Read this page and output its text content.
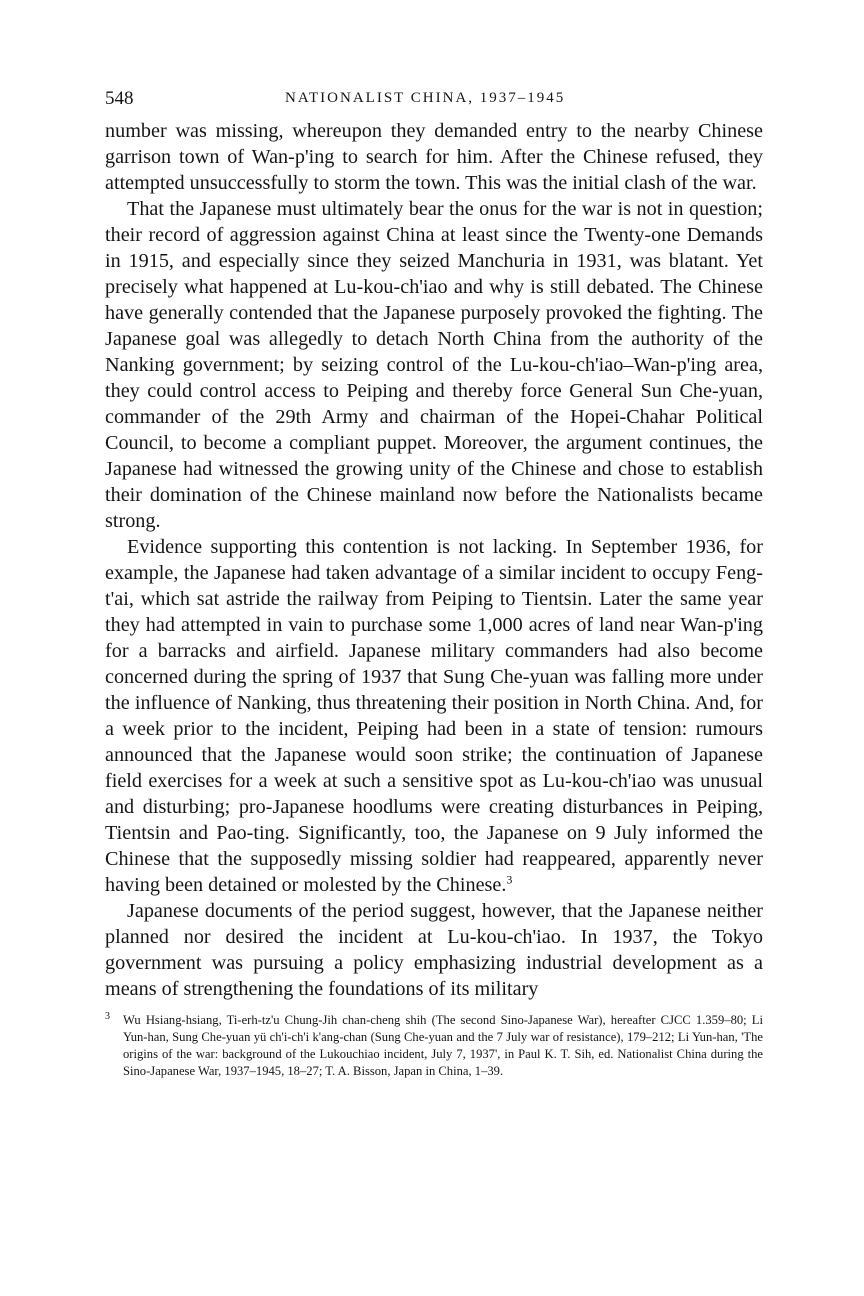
548	NATIONALIST CHINA, 1937–1945

number was missing, whereupon they demanded entry to the nearby Chinese garrison town of Wan-p'ing to search for him. After the Chinese refused, they attempted unsuccessfully to storm the town. This was the initial clash of the war.

That the Japanese must ultimately bear the onus for the war is not in question; their record of aggression against China at least since the Twenty-one Demands in 1915, and especially since they seized Manchuria in 1931, was blatant. Yet precisely what happened at Lu-kou-ch'iao and why is still debated. The Chinese have generally contended that the Japanese purposely provoked the fighting. The Japanese goal was allegedly to detach North China from the authority of the Nanking government; by seizing control of the Lu-kou-ch'iao–Wan-p'ing area, they could control access to Peiping and thereby force General Sun Che-yuan, commander of the 29th Army and chairman of the Hopei-Chahar Political Council, to become a compliant puppet. Moreover, the argument continues, the Japanese had witnessed the growing unity of the Chinese and chose to establish their domination of the Chinese mainland now before the Nationalists became strong.

Evidence supporting this contention is not lacking. In September 1936, for example, the Japanese had taken advantage of a similar incident to occupy Feng-t'ai, which sat astride the railway from Peiping to Tientsin. Later the same year they had attempted in vain to purchase some 1,000 acres of land near Wan-p'ing for a barracks and airfield. Japanese military commanders had also become concerned during the spring of 1937 that Sung Che-yuan was falling more under the influence of Nanking, thus threatening their position in North China. And, for a week prior to the incident, Peiping had been in a state of tension: rumours announced that the Japanese would soon strike; the continuation of Japanese field exercises for a week at such a sensitive spot as Lu-kou-ch'iao was unusual and disturbing; pro-Japanese hoodlums were creating disturbances in Peiping, Tientsin and Pao-ting. Significantly, too, the Japanese on 9 July informed the Chinese that the supposedly missing soldier had reappeared, apparently never having been detained or molested by the Chinese.$^3$

Japanese documents of the period suggest, however, that the Japanese neither planned nor desired the incident at Lu-kou-ch'iao. In 1937, the Tokyo government was pursuing a policy emphasizing industrial development as a means of strengthening the foundations of its military

3 Wu Hsiang-hsiang, Ti-erh-tz'u Chung-Jih chan-cheng shih (The second Sino-Japanese War), hereafter CJCC 1.359–80; Li Yun-han, Sung Che-yuan yü ch'i-ch'i k'ang-chan (Sung Che-yuan and the 7 July war of resistance), 179–212; Li Yun-han, 'The origins of the war: background of the Lukouchiao incident, July 7, 1937', in Paul K. T. Sih, ed. Nationalist China during the Sino-Japanese War, 1937–1945, 18–27; T. A. Bisson, Japan in China, 1–39.
